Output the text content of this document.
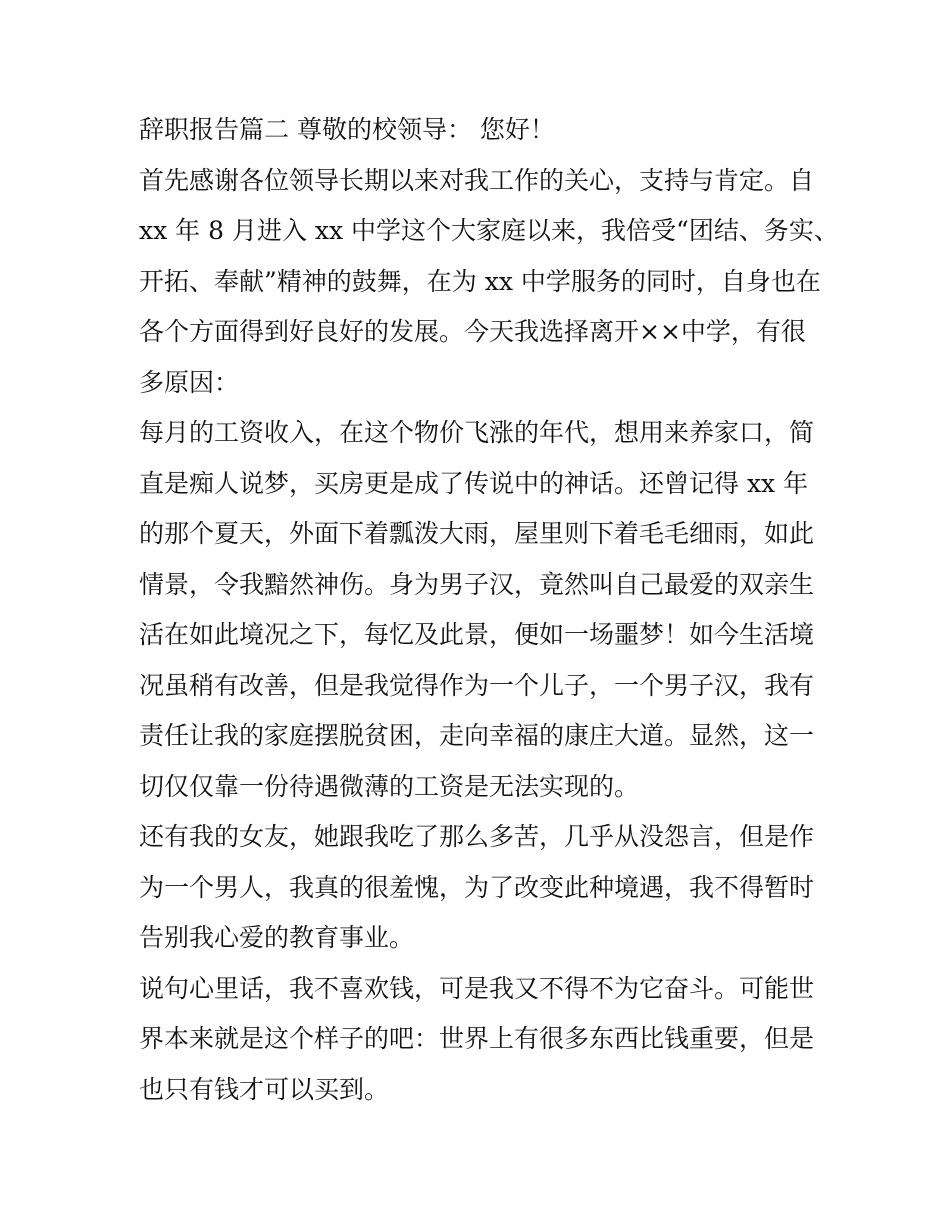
辞职报告篇二 尊敬的校领导： 您好！
首先感谢各位领导长期以来对我工作的关心，支持与肯定。自
xx 年 8 月进入 xx 中学这个大家庭以来，我倍受“团结、务实、
开拓、奉献”精神的鼓舞，在为 xx 中学服务的同时，自身也在
各个方面得到好良好的发展。今天我选择离开××中学，有很
多原因：
每月的工资收入，在这个物价飞涨的年代，想用来养家口，简
直是痴人说梦，买房更是成了传说中的神话。还曾记得 xx 年
的那个夏天，外面下着瓢泼大雨，屋里则下着毛毛细雨，如此
情景，令我黯然神伤。身为男子汉，竟然叫自己最爱的双亲生
活在如此境况之下，每忆及此景，便如一场噩梦！如今生活境
况虽稍有改善，但是我觉得作为一个儿子，一个男子汉，我有
责任让我的家庭摆脱贫困，走向幸福的康庄大道。显然，这一
切仅仅靠一份待遇微薄的工资是无法实现的。
还有我的女友，她跟我吃了那么多苦，几乎从没怨言，但是作
为一个男人，我真的很羞愧，为了改变此种境遇，我不得暂时
告别我心爱的教育事业。
说句心里话，我不喜欢钱，可是我又不得不为它奋斗。可能世
界本来就是这个样子的吧：世界上有很多东西比钱重要，但是
也只有钱才可以买到。
